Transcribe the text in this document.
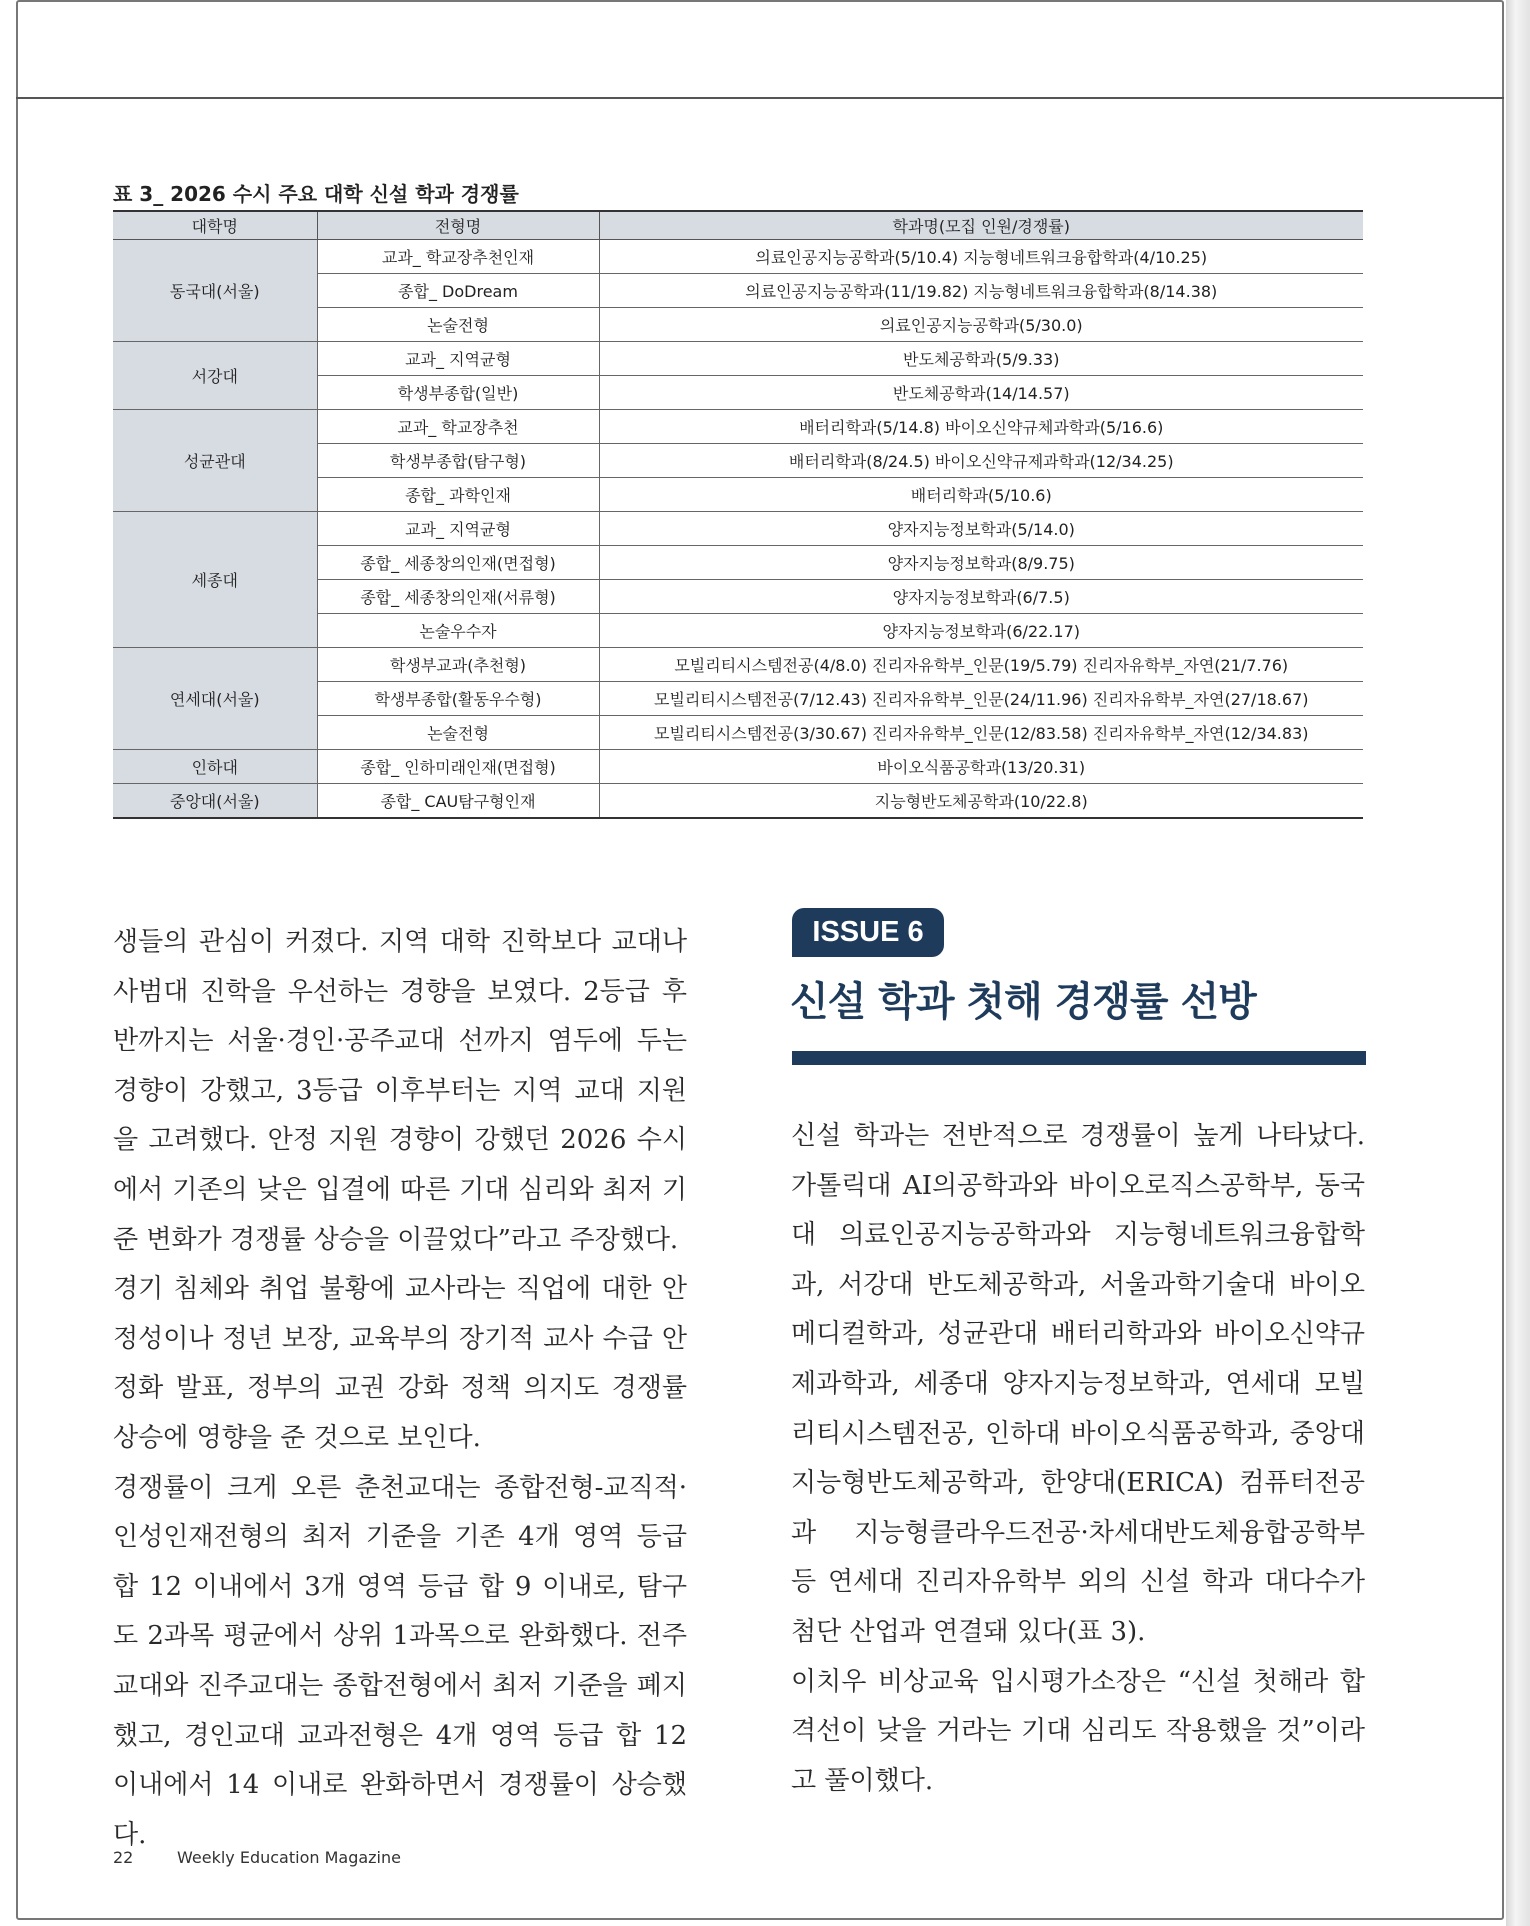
표 3_ 2026 수시 주요 대학 신설 학과 경쟁률
대학명	전형명	학과명(모집 인원/경쟁률)
동국대(서울)	교과_ 학교장추천인재	의료인공지능공학과(5/10.4) 지능형네트워크융합학과(4/10.25)
	종합_ DoDream	의료인공지능공학과(11/19.82) 지능형네트워크융합학과(8/14.38)
	논술전형	의료인공지능공학과(5/30.0)
서강대	교과_ 지역균형	반도체공학과(5/9.33)
	학생부종합(일반)	반도체공학과(14/14.57)
성균관대	교과_ 학교장추천	배터리학과(5/14.8) 바이오신약규체과학과(5/16.6)
	학생부종합(탐구형)	배터리학과(8/24.5) 바이오신약규제과학과(12/34.25)
	종합_ 과학인재	배터리학과(5/10.6)
세종대	교과_ 지역균형	양자지능정보학과(5/14.0)
	종합_ 세종창의인재(면접형)	양자지능정보학과(8/9.75)
	종합_ 세종창의인재(서류형)	양자지능정보학과(6/7.5)
	논술우수자	양자지능정보학과(6/22.17)
연세대(서울)	학생부교과(추천형)	모빌리티시스템전공(4/8.0) 진리자유학부_인문(19/5.79) 진리자유학부_자연(21/7.76)
	학생부종합(활동우수형)	모빌리티시스템전공(7/12.43) 진리자유학부_인문(24/11.96) 진리자유학부_자연(27/18.67)
	논술전형	모빌리티시스템전공(3/30.67) 진리자유학부_인문(12/83.58) 진리자유학부_자연(12/34.83)
인하대	종합_ 인하미래인재(면접형)	바이오식품공학과(13/20.31)
중앙대(서울)	종합_ CAU탐구형인재	지능형반도체공학과(10/22.8)

생들의 관심이 커졌다. 지역 대학 진학보다 교대나 사범대 진학을 우선하는 경향을 보였다. 2등급 후반까지는 서울·경인·공주교대 선까지 염두에 두는 경향이 강했고, 3등급 이후부터는 지역 교대 지원을 고려했다. 안정 지원 경향이 강했던 2026 수시에서 기존의 낮은 입결에 따른 기대 심리와 최저 기준 변화가 경쟁률 상승을 이끌었다”라고 주장했다.

경기 침체와 취업 불황에 교사라는 직업에 대한 안정성이나 정년 보장, 교육부의 장기적 교사 수급 안정화 발표, 정부의 교권 강화 정책 의지도 경쟁률 상승에 영향을 준 것으로 보인다.

경쟁률이 크게 오른 춘천교대는 종합전형-교직적·인성인재전형의 최저 기준을 기존 4개 영역 등급 합 12 이내에서 3개 영역 등급 합 9 이내로, 탐구도 2과목 평균에서 상위 1과목으로 완화했다. 전주교대와 진주교대는 종합전형에서 최저 기준을 폐지했고, 경인교대 교과전형은 4개 영역 등급 합 12 이내에서 14 이내로 완화하면서 경쟁률이 상승했다.

ISSUE 6
신설 학과 첫해 경쟁률 선방

신설 학과는 전반적으로 경쟁률이 높게 나타났다. 가톨릭대 AI의공학과와 바이오로직스공학부, 동국대 의료인공지능공학과와 지능형네트워크융합학과, 서강대 반도체공학과, 서울과학기술대 바이오메디컬학과, 성균관대 배터리학과와 바이오신약규제과학과, 세종대 양자지능정보학과, 연세대 모빌리티시스템전공, 인하대 바이오식품공학과, 중앙대 지능형반도체공학과, 한양대(ERICA) 컴퓨터전공과 지능형클라우드전공·차세대반도체융합공학부 등 연세대 진리자유학부 외의 신설 학과 대다수가 첨단 산업과 연결돼 있다(표 3).

이치우 비상교육 입시평가소장은 “신설 첫해라 합격선이 낮을 거라는 기대 심리도 작용했을 것”이라고 풀이했다.

22	Weekly Education Magazine
